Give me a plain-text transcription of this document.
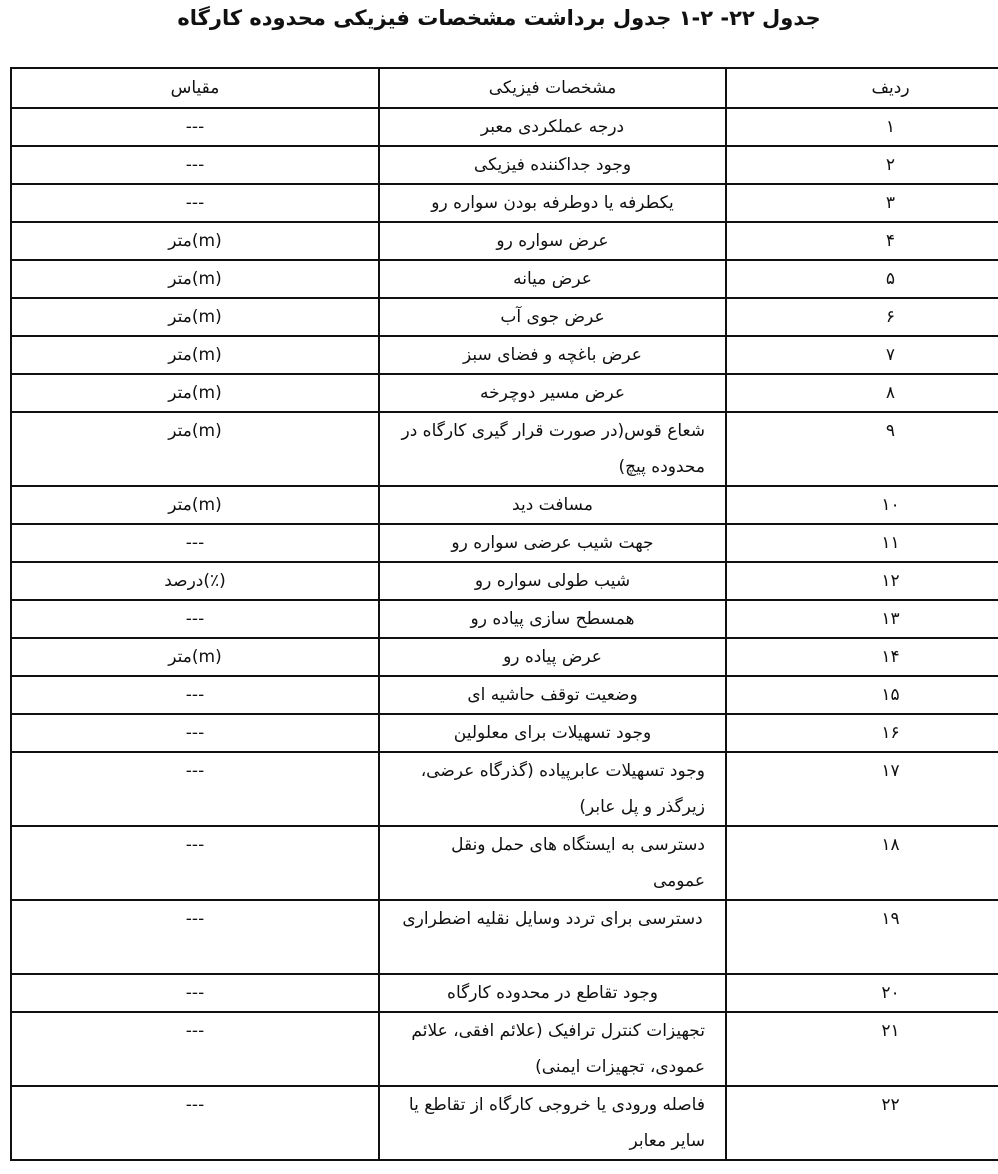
جدول ۲۲- ۲-۱ جدول برداشت مشخصات فیزیکی محدوده کارگاه
ردیف	مشخصات فیزیکی	مقیاس
۱	درجه عملکردی معبر	---
۲	وجود جداکننده فیزیکی	---
۳	یکطرفه یا دوطرفه بودن سواره رو	---
۴	عرض سواره رو	متر(m)
۵	عرض میانه	متر(m)
۶	عرض جوی آب	متر(m)
۷	عرض باغچه و فضای سبز	متر(m)
۸	عرض مسیر دوچرخه	متر(m)
۹	شعاع قوس(در صورت قرار گیری کارگاه در محدوده پیچ)	متر(m)
۱۰	مسافت دید	متر(m)
۱۱	جهت شیب عرضی سواره رو	---
۱۲	شیب طولی سواره رو	درصد(٪)
۱۳	همسطح سازی پیاده رو	---
۱۴	عرض پیاده رو	متر(m)
۱۵	وضعیت توقف حاشیه ای	---
۱۶	وجود تسهیلات برای معلولین	---
۱۷	وجود تسهیلات عابرپیاده (گذرگاه عرضی، زیرگذر و پل عابر)	---
۱۸	دسترسی به ایستگاه های حمل ونقل عمومی	---
۱۹	دسترسی برای تردد وسایل نقلیه اضطراری	---
۲۰	وجود تقاطع در محدوده کارگاه	---
۲۱	تجهیزات کنترل ترافیک (علائم افقی، علائم عمودی، تجهیزات ایمنی)	---
۲۲	فاصله ورودی یا خروجی کارگاه از تقاطع یا سایر معابر	---
